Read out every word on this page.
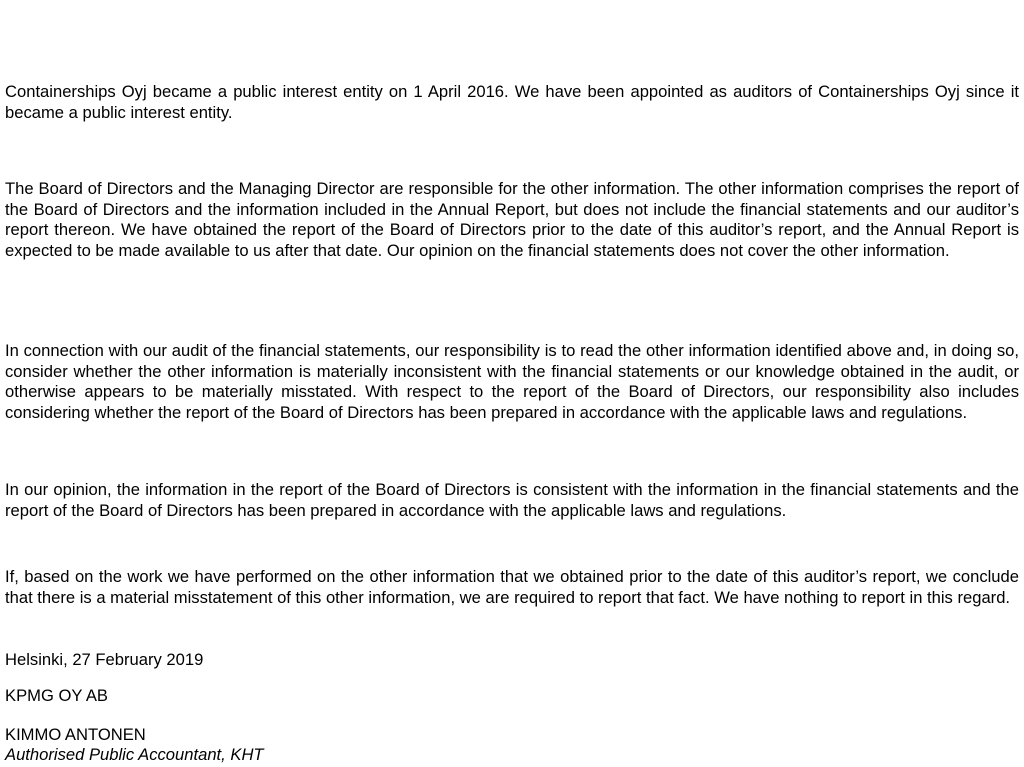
Containerships Oyj became a public interest entity on 1 April 2016. We have been appointed as auditors of Containerships Oyj since it became a public interest entity.

The Board of Directors and the Managing Director are responsible for the other information. The other information comprises the report of the Board of Directors and the information included in the Annual Report, but does not include the financial statements and our auditor’s report thereon. We have obtained the report of the Board of Directors prior to the date of this auditor’s report, and the Annual Report is expected to be made available to us after that date. Our opinion on the financial statements does not cover the other information.

In connection with our audit of the financial statements, our responsibility is to read the other information identified above and, in doing so, consider whether the other information is materially inconsistent with the financial statements or our knowledge obtained in the audit, or otherwise appears to be materially misstated. With respect to the report of the Board of Directors, our responsibility also includes considering whether the report of the Board of Directors has been prepared in accordance with the applicable laws and regulations.

In our opinion, the information in the report of the Board of Directors is consistent with the information in the financial statements and the report of the Board of Directors has been prepared in accordance with the applicable laws and regulations.

If, based on the work we have performed on the other information that we obtained prior to the date of this auditor’s report, we conclude that there is a material misstatement of this other information, we are required to report that fact. We have nothing to report in this regard.

Helsinki, 27 February 2019

KPMG OY AB

KIMMO ANTONEN

Authorised Public Accountant, KHT
